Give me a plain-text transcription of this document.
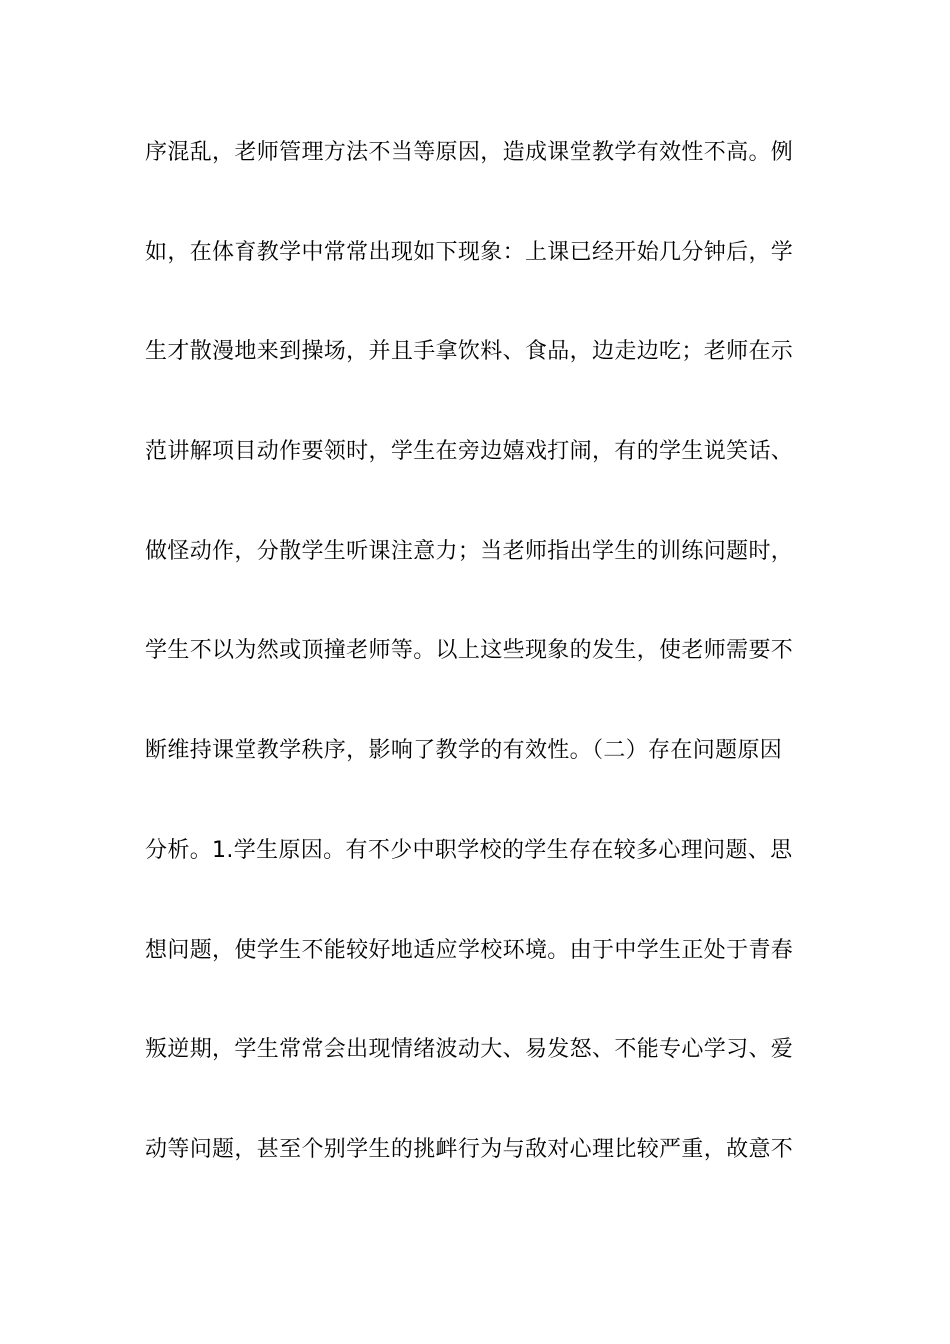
序混乱，老师管理方法不当等原因，造成课堂教学有效性不高。例
如，在体育教学中常常出现如下现象：上课已经开始几分钟后，学
生才散漫地来到操场，并且手拿饮料、食品，边走边吃；老师在示
范讲解项目动作要领时，学生在旁边嬉戏打闹，有的学生说笑话、
做怪动作，分散学生听课注意力；当老师指出学生的训练问题时，
学生不以为然或顶撞老师等。以上这些现象的发生，使老师需要不
断维持课堂教学秩序，影响了教学的有效性。（二）存在问题原因
分析。1.学生原因。有不少中职学校的学生存在较多心理问题、思
想问题，使学生不能较好地适应学校环境。由于中学生正处于青春
叛逆期，学生常常会出现情绪波动大、易发怒、不能专心学习、爱
动等问题，甚至个别学生的挑衅行为与敌对心理比较严重，故意不
